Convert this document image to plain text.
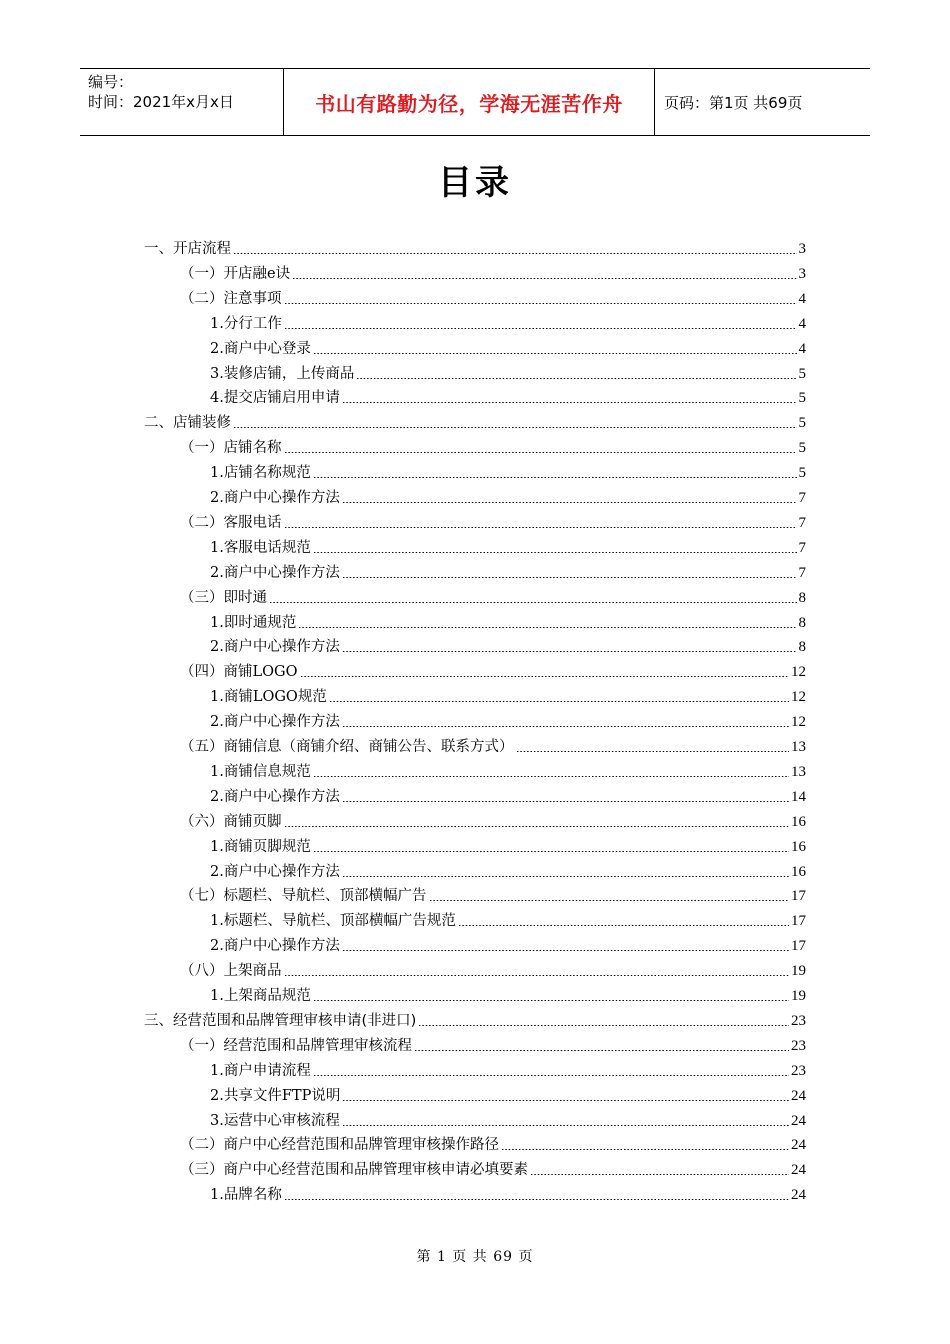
编号：
时间：2021年x月x日	书山有路勤为径，学海无涯苦作舟	页码：第1页 共69页
目录
一、开店流程	3
（一）开店融e诀	3
（二）注意事项	4
1.分行工作	4
2.商户中心登录	4
3.装修店铺，上传商品	5
4.提交店铺启用申请	5
二、店铺装修	5
（一）店铺名称	5
1.店铺名称规范	5
2.商户中心操作方法	7
（二）客服电话	7
1.客服电话规范	7
2.商户中心操作方法	7
（三）即时通	8
1.即时通规范	8
2.商户中心操作方法	8
（四）商铺LOGO	12
1.商铺LOGO规范	12
2.商户中心操作方法	12
（五）商铺信息（商铺介绍、商铺公告、联系方式）	13
1.商铺信息规范	13
2.商户中心操作方法	14
（六）商铺页脚	16
1.商铺页脚规范	16
2.商户中心操作方法	16
（七）标题栏、导航栏、顶部横幅广告	17
1.标题栏、导航栏、顶部横幅广告规范	17
2.商户中心操作方法	17
（八）上架商品	19
1.上架商品规范	19
三、经营范围和品牌管理审核申请(非进口)	23
（一）经营范围和品牌管理审核流程	23
1.商户申请流程	23
2.共享文件FTP说明	24
3.运营中心审核流程	24
（二）商户中心经营范围和品牌管理审核操作路径	24
（三）商户中心经营范围和品牌管理审核申请必填要素	24
1.品牌名称	24
第 1 页 共 69 页
